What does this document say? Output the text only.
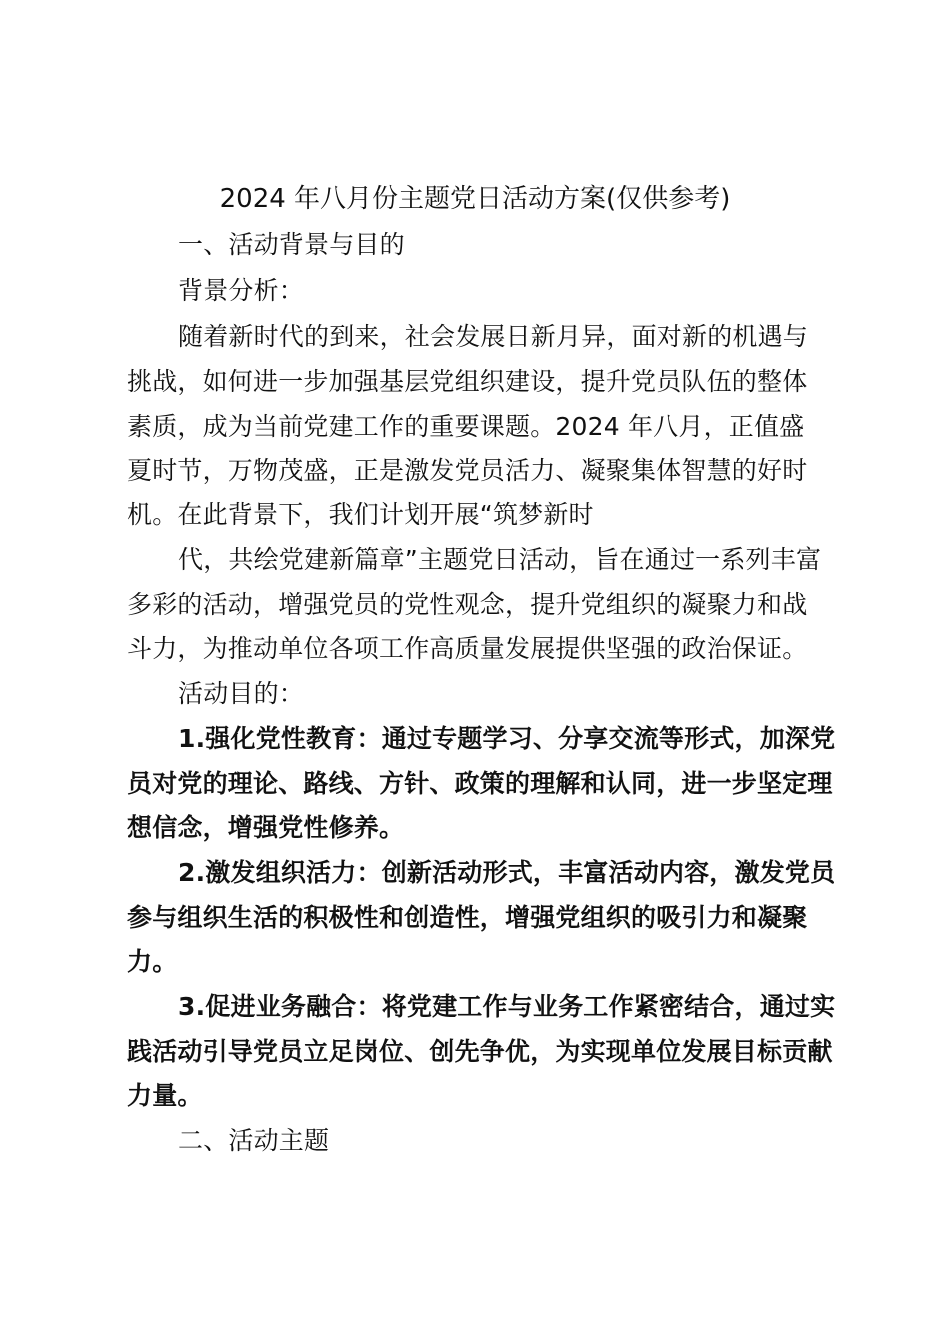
2024 年八月份主题党日活动方案(仅供参考)
一、活动背景与目的
背景分析：
随着新时代的到来，社会发展日新月异，面对新的机遇与
挑战，如何进一步加强基层党组织建设，提升党员队伍的整体
素质，成为当前党建工作的重要课题。2024 年八月，正值盛
夏时节，万物茂盛，正是激发党员活力、凝聚集体智慧的好时
机。在此背景下，我们计划开展“筑梦新时
代，共绘党建新篇章”主题党日活动，旨在通过一系列丰富
多彩的活动，增强党员的党性观念，提升党组织的凝聚力和战
斗力，为推动单位各项工作高质量发展提供坚强的政治保证。
活动目的：
1.强化党性教育：通过专题学习、分享交流等形式，加深党
员对党的理论、路线、方针、政策的理解和认同，进一步坚定理
想信念，增强党性修养。
2.激发组织活力：创新活动形式，丰富活动内容，激发党员
参与组织生活的积极性和创造性，增强党组织的吸引力和凝聚
力。
3.促进业务融合：将党建工作与业务工作紧密结合，通过实
践活动引导党员立足岗位、创先争优，为实现单位发展目标贡献
力量。
二、活动主题
